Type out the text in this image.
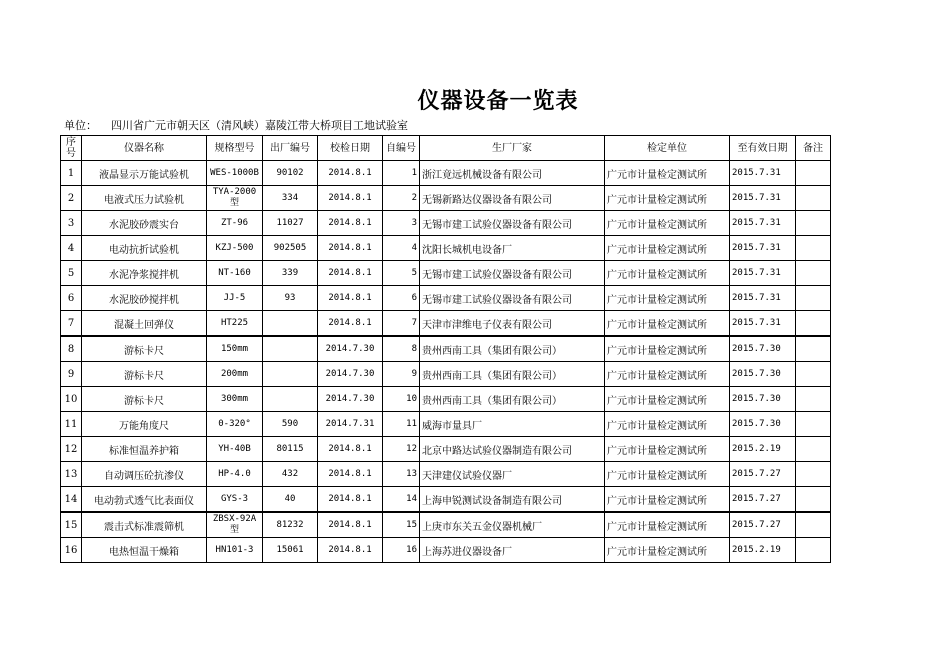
仪器设备一览表
单位： 四川省广元市朝天区（清风峡）嘉陵江带大桥项目工地试验室
序号	仪器名称	规格型号	出厂编号	校检日期	自编号	生厂厂家	检定单位	至有效日期	备注
1	液晶显示万能试验机	WES-1000B	90102	2014.8.1	1	浙江竟远机械设备有限公司	广元市计量检定测试所	2015.7.31	
2	电液式压力试验机	TYA-2000型	334	2014.8.1	2	无锡新路达仪器设备有限公司	广元市计量检定测试所	2015.7.31	
3	水泥胶砂震实台	ZT-96	11027	2014.8.1	3	无锡市建工试验仪器设备有限公司	广元市计量检定测试所	2015.7.31	
4	电动抗折试验机	KZJ-500	902505	2014.8.1	4	沈阳长城机电设备厂	广元市计量检定测试所	2015.7.31	
5	水泥净浆搅拌机	NT-160	339	2014.8.1	5	无锡市建工试验仪器设备有限公司	广元市计量检定测试所	2015.7.31	
6	水泥胶砂搅拌机	JJ-5	93	2014.8.1	6	无锡市建工试验仪器设备有限公司	广元市计量检定测试所	2015.7.31	
7	混凝土回弹仪	HT225		2014.8.1	7	天津市津维电子仪表有限公司	广元市计量检定测试所	2015.7.31	
8	游标卡尺	150mm		2014.7.30	8	贵州西南工具（集团有限公司）	广元市计量检定测试所	2015.7.30	
9	游标卡尺	200mm		2014.7.30	9	贵州西南工具（集团有限公司）	广元市计量检定测试所	2015.7.30	
10	游标卡尺	300mm		2014.7.30	10	贵州西南工具（集团有限公司）	广元市计量检定测试所	2015.7.30	
11	万能角度尺	0-320°	590	2014.7.31	11	威海市量具厂	广元市计量检定测试所	2015.7.30	
12	标准恒温养护箱	YH-40B	80115	2014.8.1	12	北京中路达试验仪器制造有限公司	广元市计量检定测试所	2015.2.19	
13	自动调压砼抗渗仪	HP-4.0	432	2014.8.1	13	天津建仪试验仪器厂	广元市计量检定测试所	2015.7.27	
14	电动勃式透气比表面仪	GYS-3	40	2014.8.1	14	上海申锐测试设备制造有限公司	广元市计量检定测试所	2015.7.27	
15	震击式标准震筛机	ZBSX-92A型	81232	2014.8.1	15	上庚市东关五金仪器机械厂	广元市计量检定测试所	2015.7.27	
16	电热恒温干燥箱	HN101-3	15061	2014.8.1	16	上海苏进仪器设备厂	广元市计量检定测试所	2015.2.19	
